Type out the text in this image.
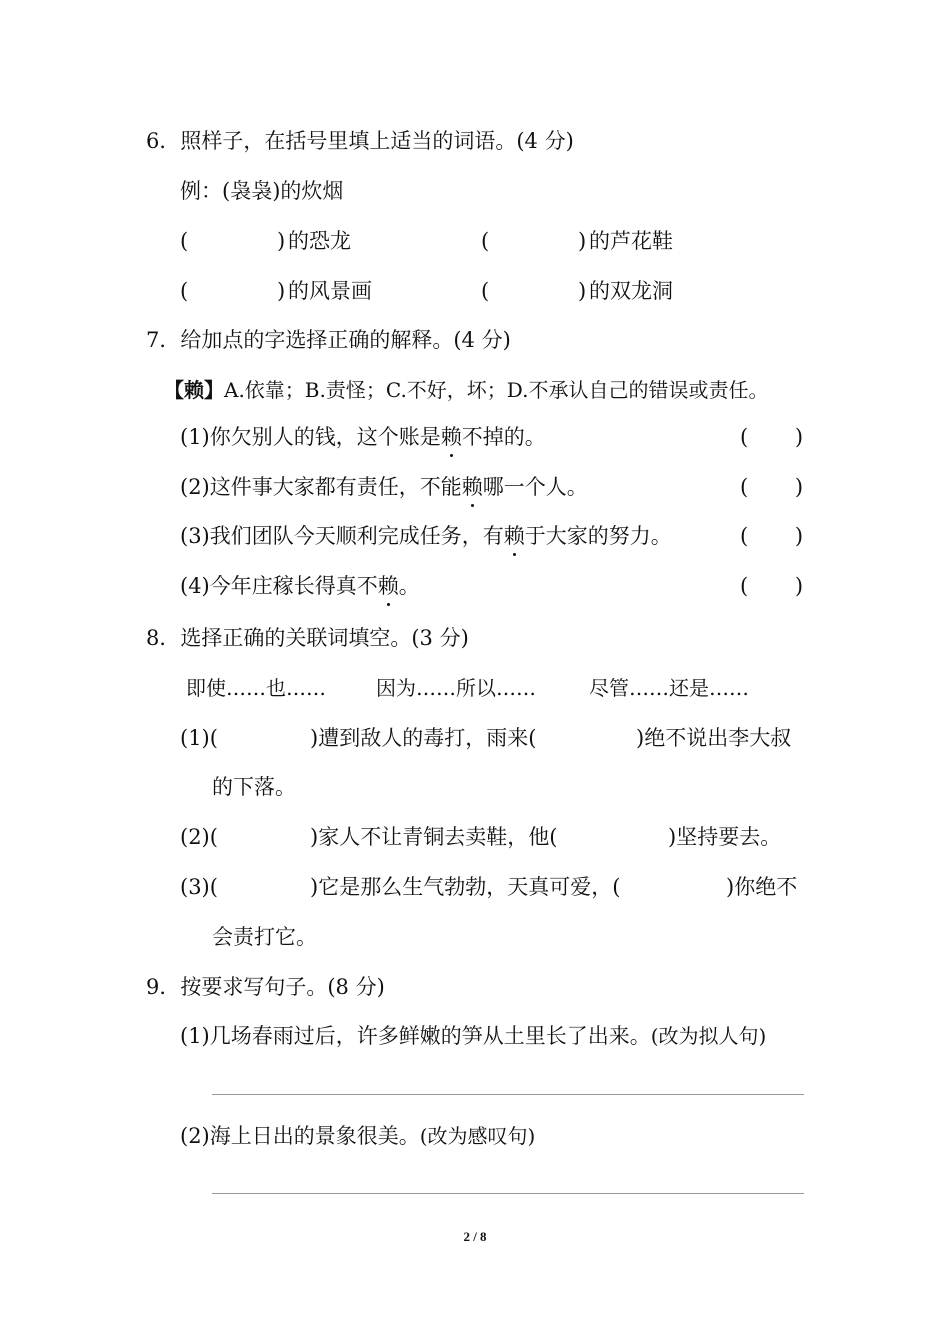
6．照样子，在括号里填上适当的词语。(4 分)
例：(袅袅)的炊烟
(	) 的恐龙	(	) 的芦花鞋
(	) 的风景画	(	) 的双龙洞
7．给加点的字选择正确的解释。(4 分)
【赖】A.依靠；B.责怪；C.不好，坏；D.不承认自己的错误或责任。
(1)你欠别人的钱，这个账是赖不掉的。	(       )
(2)这件事大家都有责任，不能赖哪一个人。	(       )
(3)我们团队今天顺利完成任务，有赖于大家的努力。	(       )
(4)今年庄稼长得真不赖。	(       )
8．选择正确的关联词填空。(3 分)
即使……也……	因为……所以……	尽管……还是……
(1)(	)遭到敌人的毒打，雨来(	)绝不说出李大叔
的下落。
(2)(	)家人不让青铜去卖鞋，他(	)坚持要去。
(3)(	)它是那么生气勃勃，天真可爱，(	)你绝不
会责打它。
9．按要求写句子。(8 分)
(1)几场春雨过后，许多鲜嫩的笋从土里长了出来。(改为拟人句)
(2)海上日出的景象很美。(改为感叹句)
2 / 8
